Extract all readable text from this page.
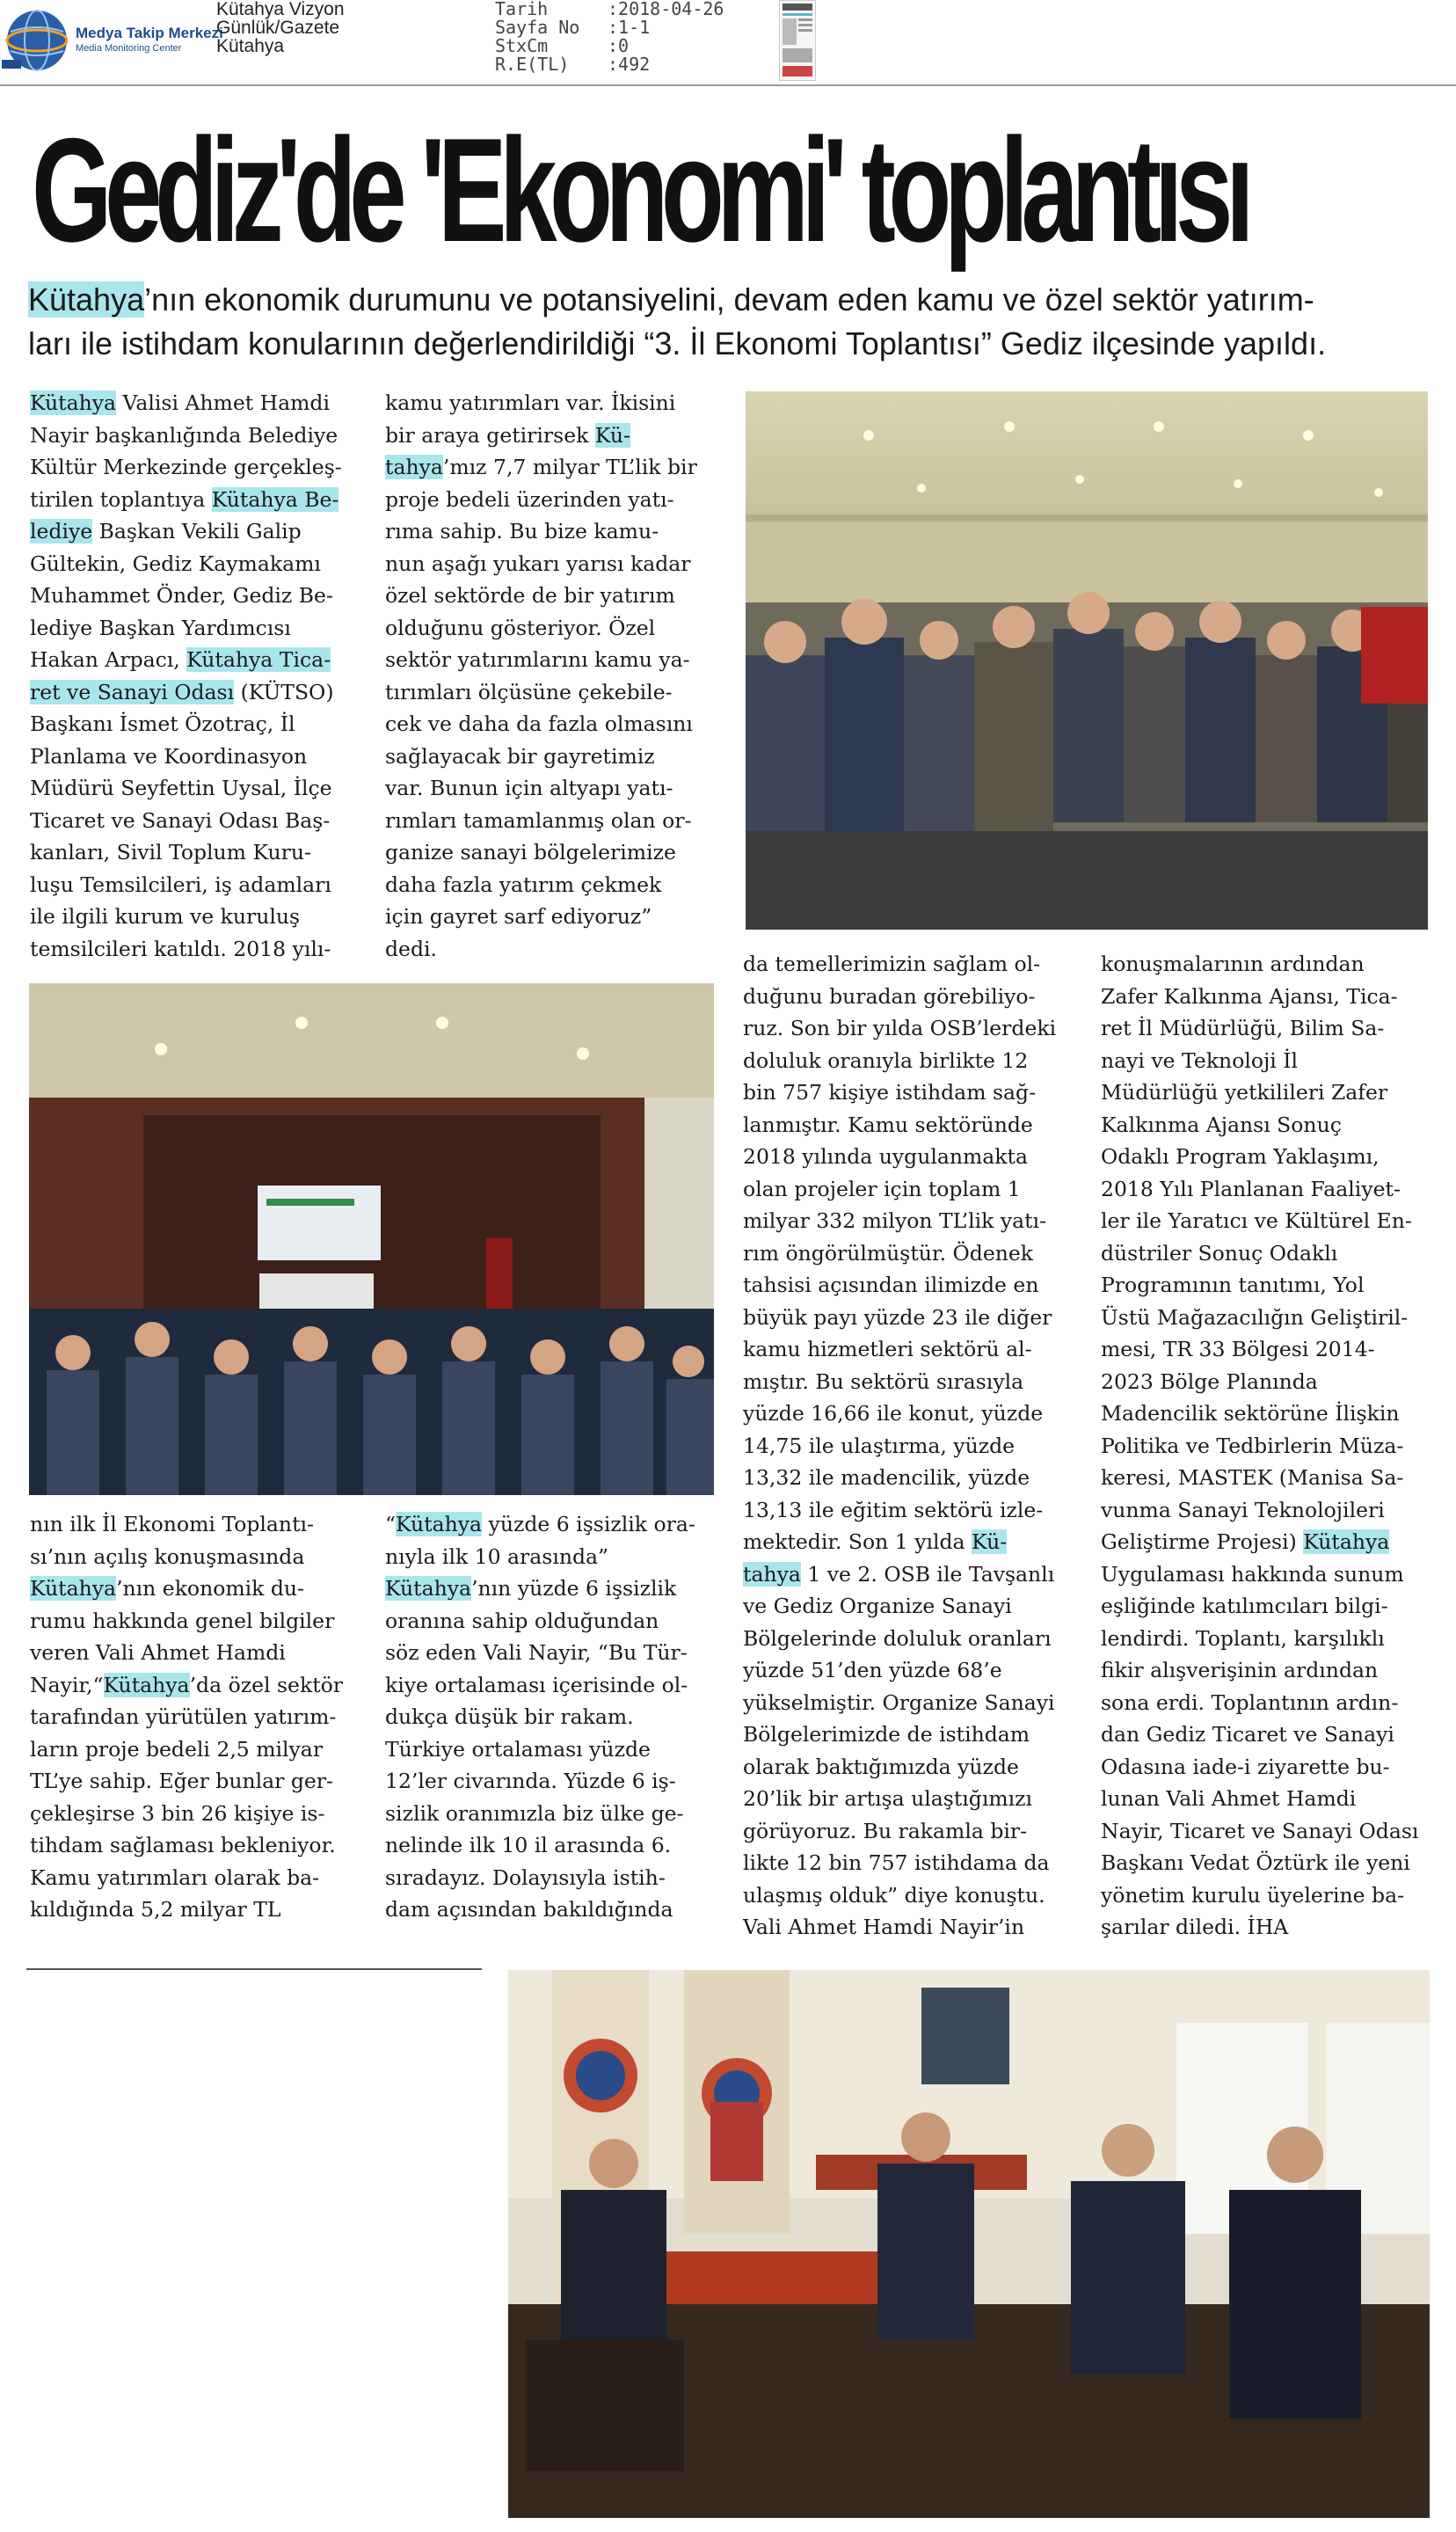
Medya Takip Merkezi
Media Monitoring Center
Kütahya Vizyon
Günlük/Gazete
Kütahya
Tarih	:2018-04-26
Sayfa No	:1-1
StxCm	:0
R.E(TL)	:492
Gediz'de 'Ekonomi' toplantısı

Kütahya’nın ekonomik durumunu ve potansiyelini, devam eden kamu ve özel sektör yatırım-

ları ile istihdam konularının değerlendirildiği “3. İl Ekonomi Toplantısı” Gediz ilçesinde yapıldı.

Kütahya Valisi Ahmet Hamdi

Nayir başkanlığında Belediye

Kültür Merkezinde gerçekleş-

tirilen toplantıya Kütahya Be-

lediye Başkan Vekili Galip

Gültekin, Gediz Kaymakamı

Muhammet Önder, Gediz Be-

lediye Başkan Yardımcısı

Hakan Arpacı, Kütahya Tica-

ret ve Sanayi Odası (KÜTSO)

Başkanı İsmet Özotraç, İl

Planlama ve Koordinasyon

Müdürü Seyfettin Uysal, İlçe

Ticaret ve Sanayi Odası Baş-

kanları, Sivil Toplum Kuru-

luşu Temsilcileri, iş adamları

ile ilgili kurum ve kuruluş

temsilcileri katıldı. 2018 yılı-

kamu yatırımları var. İkisini

bir araya getirirsek Kü-

tahya’mız 7,7 milyar TL’lik bir

proje bedeli üzerinden yatı-

rıma sahip. Bu bize kamu-

nun aşağı yukarı yarısı kadar

özel sektörde de bir yatırım

olduğunu gösteriyor. Özel

sektör yatırımlarını kamu ya-

tırımları ölçüsüne çekebile-

cek ve daha da fazla olmasını

sağlayacak bir gayretimiz

var. Bunun için altyapı yatı-

rımları tamamlanmış olan or-

ganize sanayi bölgelerimize

daha fazla yatırım çekmek

için gayret sarf ediyoruz”

dedi.

nın ilk İl Ekonomi Toplantı-

sı’nın açılış konuşmasında

Kütahya’nın ekonomik du-

rumu hakkında genel bilgiler

veren Vali Ahmet Hamdi

Nayir,“Kütahya’da özel sektör

tarafından yürütülen yatırım-

ların proje bedeli 2,5 milyar

TL’ye sahip. Eğer bunlar ger-

çekleşirse 3 bin 26 kişiye is-

tihdam sağlaması bekleniyor.

Kamu yatırımları olarak ba-

kıldığında 5,2 milyar TL

“Kütahya yüzde 6 işsizlik ora-

nıyla ilk 10 arasında”

Kütahya’nın yüzde 6 işsizlik

oranına sahip olduğundan

söz eden Vali Nayir, “Bu Tür-

kiye ortalaması içerisinde ol-

dukça düşük bir rakam.

Türkiye ortalaması yüzde

12’ler civarında. Yüzde 6 iş-

sizlik oranımızla biz ülke ge-

nelinde ilk 10 il arasında 6.

sıradayız. Dolayısıyla istih-

dam açısından bakıldığında

da temellerimizin sağlam ol-

duğunu buradan görebiliyo-

ruz. Son bir yılda OSB’lerdeki

doluluk oranıyla birlikte 12

bin 757 kişiye istihdam sağ-

lanmıştır. Kamu sektöründe

2018 yılında uygulanmakta

olan projeler için toplam 1

milyar 332 milyon TL’lik yatı-

rım öngörülmüştür. Ödenek

tahsisi açısından ilimizde en

büyük payı yüzde 23 ile diğer

kamu hizmetleri sektörü al-

mıştır. Bu sektörü sırasıyla

yüzde 16,66 ile konut, yüzde

14,75 ile ulaştırma, yüzde

13,32 ile madencilik, yüzde

13,13 ile eğitim sektörü izle-

mektedir. Son 1 yılda Kü-

tahya 1 ve 2. OSB ile Tavşanlı

ve Gediz Organize Sanayi

Bölgelerinde doluluk oranları

yüzde 51’den yüzde 68’e

yükselmiştir. Organize Sanayi

Bölgelerimizde de istihdam

olarak baktığımızda yüzde

20’lik bir artışa ulaştığımızı

görüyoruz. Bu rakamla bir-

likte 12 bin 757 istihdama da

ulaşmış olduk” diye konuştu.

Vali Ahmet Hamdi Nayir’in

konuşmalarının ardından

Zafer Kalkınma Ajansı, Tica-

ret İl Müdürlüğü, Bilim Sa-

nayi ve Teknoloji İl

Müdürlüğü yetkilileri Zafer

Kalkınma Ajansı Sonuç

Odaklı Program Yaklaşımı,

2018 Yılı Planlanan Faaliyet-

ler ile Yaratıcı ve Kültürel En-

düstriler Sonuç Odaklı

Programının tanıtımı, Yol

Üstü Mağazacılığın Geliştiril-

mesi, TR 33 Bölgesi 2014-

2023 Bölge Planında

Madencilik sektörüne İlişkin

Politika ve Tedbirlerin Müza-

keresi, MASTEK (Manisa Sa-

vunma Sanayi Teknolojileri

Geliştirme Projesi) Kütahya

Uygulaması hakkında sunum

eşliğinde katılımcıları bilgi-

lendirdi. Toplantı, karşılıklı

fikir alışverişinin ardından

sona erdi. Toplantının ardın-

dan Gediz Ticaret ve Sanayi

Odasına iade-i ziyarette bu-

lunan Vali Ahmet Hamdi

Nayir, Ticaret ve Sanayi Odası

Başkanı Vedat Öztürk ile yeni

yönetim kurulu üyelerine ba-

şarılar diledi. İHA
